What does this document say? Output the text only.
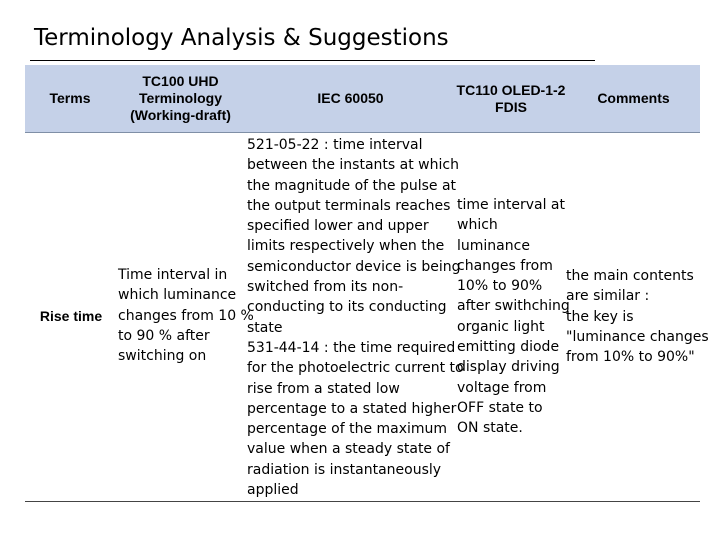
Terminology Analysis & Suggestions
Terms
TC100 UHD Terminology (Working-draft)
IEC 60050
TC110 OLED-1-2 FDIS
Comments
Rise time
Time interval in
which luminance
changes from 10 %
to 90 % after
switching on
521-05-22 : time interval
between the instants at which
the magnitude of the pulse at
the output terminals reaches
specified lower and upper
limits respectively when the
semiconductor device is being
switched from its non-
conducting to its conducting
state
531-44-14 : the time required
for the photoelectric current to
rise from a stated low
percentage to a stated higher
percentage of the maximum
value when a steady state of
radiation is instantaneously
applied
time interval at
which
luminance
changes from
10% to 90%
after swithching
organic light
emitting diode
display driving
voltage from
OFF state to
ON state.
the main contents
are similar :
the key is
"luminance changes
from 10% to 90%"
